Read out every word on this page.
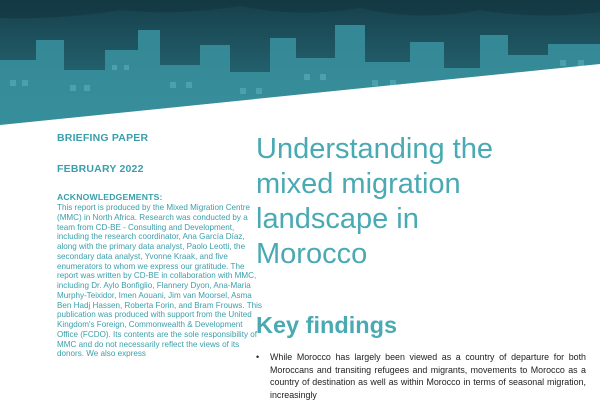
BRIEFING PAPER
FEBRUARY 2022
ACKNOWLEDGEMENTS:
This report is produced by the Mixed Migration Centre (MMC) in North Africa. Research was conducted by a team from CD-BE - Consulting and Development, including the research coordinator, Ana García Díaz, along with the primary data analyst, Paolo Leotti, the secondary data analyst, Yvonne Kraak, and five enumerators to whom we express our gratitude. The report was written by CD-BE in collaboration with MMC, including Dr. Aylo Bonfiglio, Flannery Dyon, Ana-Maria Murphy-Teixidor, Imen Aouani, Jim van Moorsel, Asma Ben Hadj Hassen, Roberta Forin, and Bram Frouws. This publication was produced with support from the United Kingdom's Foreign, Commonwealth & Development Office (FCDO). Its contents are the sole responsibility of MMC and do not necessarily reflect the views of its donors. We also express
Understanding the
mixed migration
landscape in
Morocco
Key findings
•	While Morocco has largely been viewed as a country of departure for both Moroccans and transiting refugees and migrants, movements to Morocco as a country of destination as well as within Morocco in terms of seasonal migration, increasingly
